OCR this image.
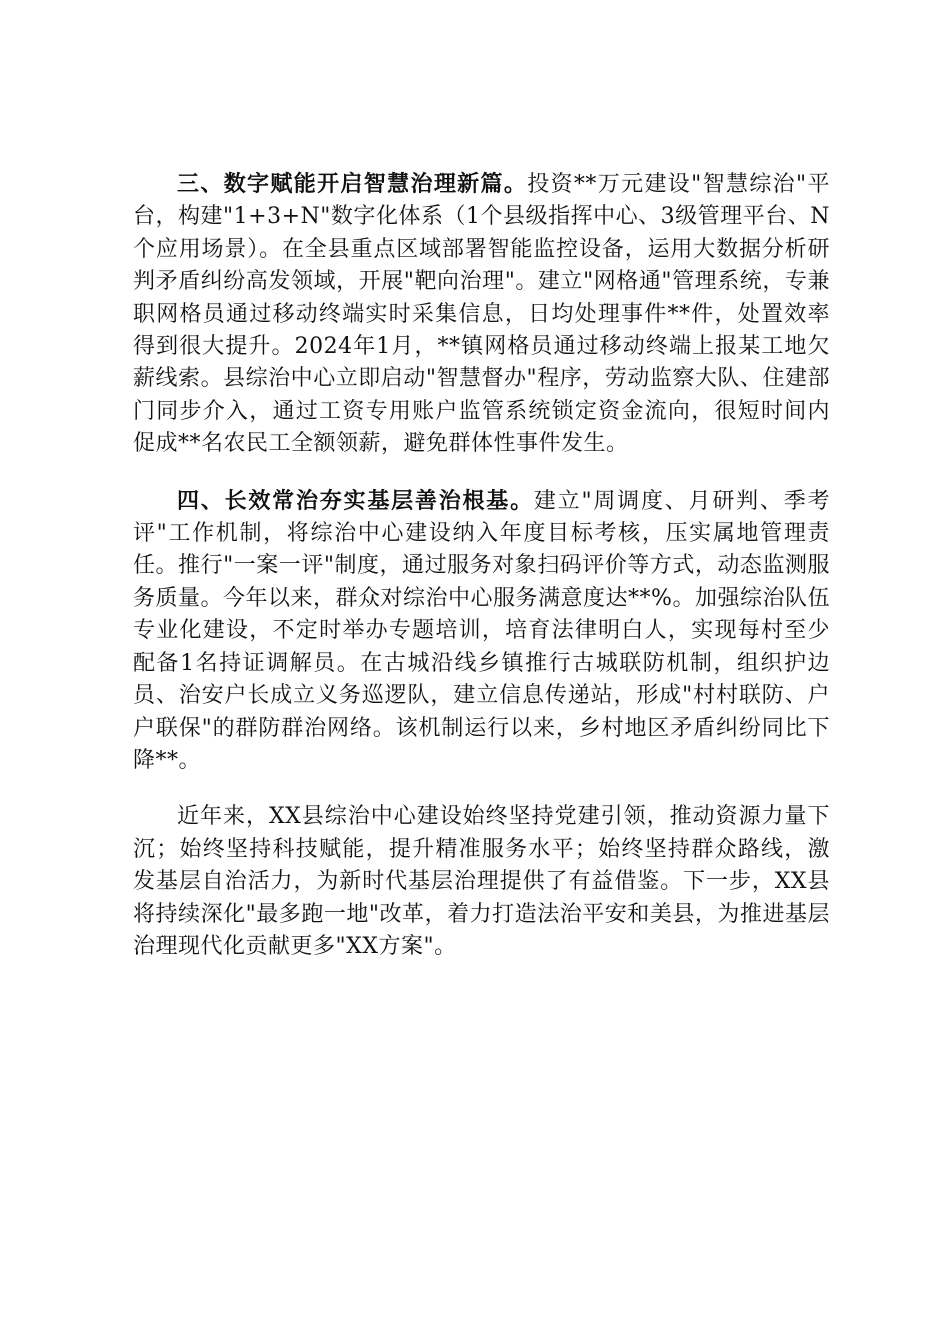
三、数字赋能开启智慧治理新篇。投资**万元建设"智慧综治"平台，构建"1+3+N"数字化体系（1个县级指挥中心、3级管理平台、N个应用场景）。在全县重点区域部署智能监控设备，运用大数据分析研判矛盾纠纷高发领域，开展"靶向治理"。建立"网格通"管理系统，专兼职网格员通过移动终端实时采集信息，日均处理事件**件，处置效率得到很大提升。2024年1月，**镇网格员通过移动终端上报某工地欠薪线索。县综治中心立即启动"智慧督办"程序，劳动监察大队、住建部门同步介入，通过工资专用账户监管系统锁定资金流向，很短时间内促成**名农民工全额领薪，避免群体性事件发生。

四、长效常治夯实基层善治根基。建立"周调度、月研判、季考评"工作机制，将综治中心建设纳入年度目标考核，压实属地管理责任。推行"一案一评"制度，通过服务对象扫码评价等方式，动态监测服务质量。今年以来，群众对综治中心服务满意度达**%。加强综治队伍专业化建设，不定时举办专题培训，培育法律明白人，实现每村至少配备1名持证调解员。在古城沿线乡镇推行古城联防机制，组织护边员、治安户长成立义务巡逻队，建立信息传递站，形成"村村联防、户户联保"的群防群治网络。该机制运行以来，乡村地区矛盾纠纷同比下降**。

近年来，XX县综治中心建设始终坚持党建引领，推动资源力量下沉；始终坚持科技赋能，提升精准服务水平；始终坚持群众路线，激发基层自治活力，为新时代基层治理提供了有益借鉴。下一步，XX县将持续深化"最多跑一地"改革，着力打造法治平安和美县，为推进基层治理现代化贡献更多"XX方案"。
